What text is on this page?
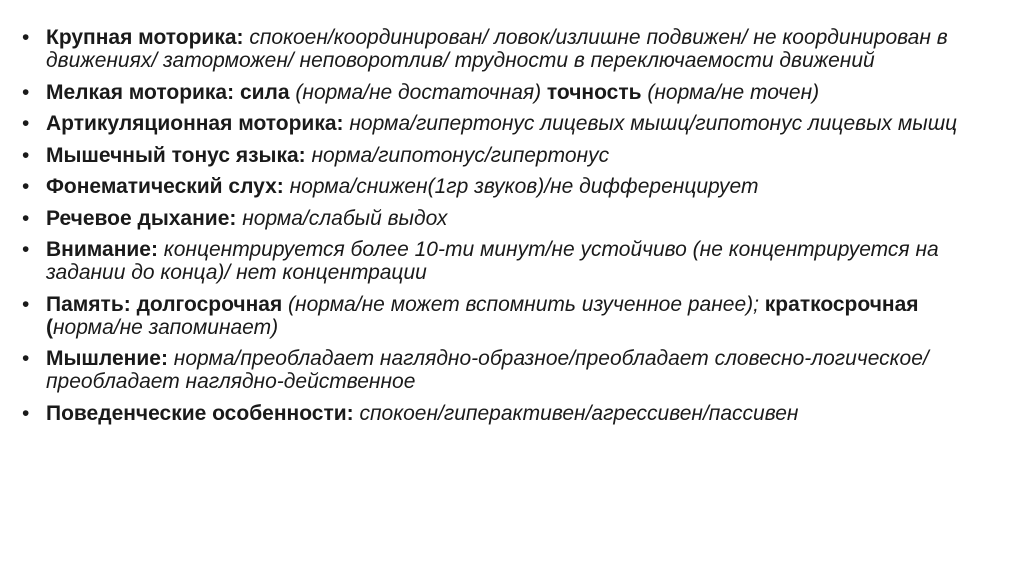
• Крупная моторика: спокоен/координирован/ ловок/излишне подвижен/ не координирован в движениях/ заторможен/ неповоротлив/ трудности в переключаемости движений
• Мелкая моторика: сила (норма/не достаточная) точность (норма/не точен)
• Артикуляционная моторика: норма/гипертонус лицевых мышц/гипотонус лицевых мышц
• Мышечный тонус языка: норма/гипотонус/гипертонус
• Фонематический слух: норма/снижен(1гр звуков)/не дифференцирует
• Речевое дыхание: норма/слабый выдох
• Внимание: концентрируется более 10-ти минут/не устойчиво (не концентрируется на задании до конца)/ нет концентрации
• Память: долгосрочная (норма/не может вспомнить изученное ранее); краткосрочная (норма/не запоминает)
• Мышление: норма/преобладает наглядно-образное/преобладает словесно-логическое/ преобладает наглядно-действенное
• Поведенческие особенности: спокоен/гиперактивен/агрессивен/пассивен
